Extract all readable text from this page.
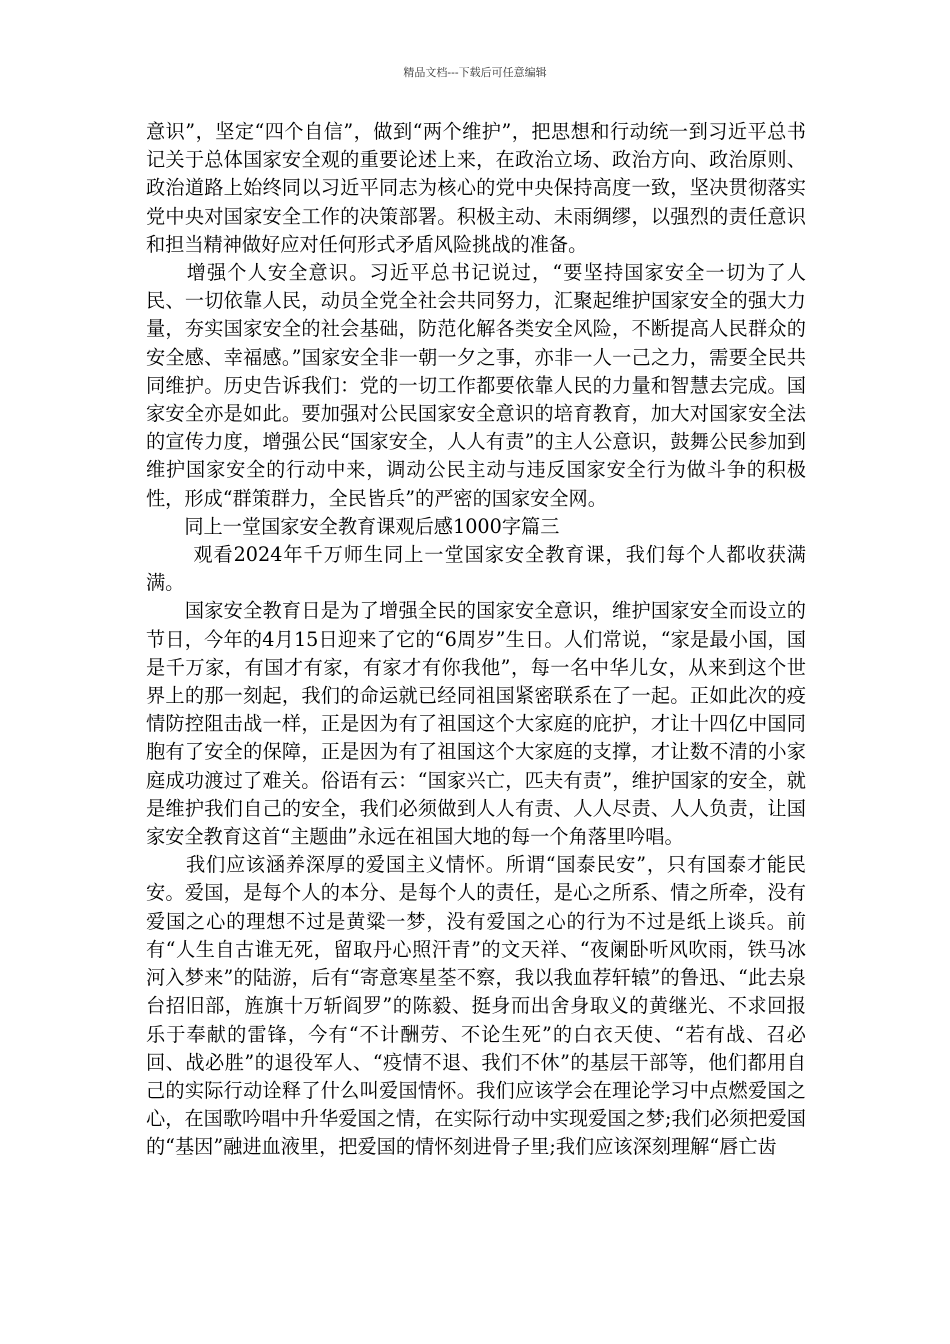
精品文档---下载后可任意编辑

意识”，坚定“四个自信”，做到“两个维护”，把思想和行动统一到习近平总书记关于总体国家安全观的重要论述上来，在政治立场、政治方向、政治原则、政治道路上始终同以习近平同志为核心的党中央保持高度一致，坚决贯彻落实党中央对国家安全工作的决策部署。积极主动、未雨绸缪，以强烈的责任意识和担当精神做好应对任何形式矛盾风险挑战的准备。

　　增强个人安全意识。习近平总书记说过，“要坚持国家安全一切为了人民、一切依靠人民，动员全党全社会共同努力，汇聚起维护国家安全的强大力量，夯实国家安全的社会基础，防范化解各类安全风险，不断提高人民群众的安全感、幸福感。”国家安全非一朝一夕之事，亦非一人一己之力，需要全民共同维护。历史告诉我们：党的一切工作都要依靠人民的力量和智慧去完成。国家安全亦是如此。要加强对公民国家安全意识的培育教育，加大对国家安全法的宣传力度，增强公民“国家安全，人人有责”的主人公意识，鼓舞公民参加到维护国家安全的行动中来，调动公民主动与违反国家安全行为做斗争的积极性，形成“群策群力，全民皆兵”的严密的国家安全网。

　　同上一堂国家安全教育课观后感1000字篇三

　　 观看2024年千万师生同上一堂国家安全教育课，我们每个人都收获满满。

　　国家安全教育日是为了增强全民的国家安全意识，维护国家安全而设立的节日，今年的4月15日迎来了它的“6周岁”生日。人们常说，“家是最小国，国是千万家，有国才有家，有家才有你我他”，每一名中华儿女，从来到这个世界上的那一刻起，我们的命运就已经同祖国紧密联系在了一起。正如此次的疫情防控阻击战一样，正是因为有了祖国这个大家庭的庇护，才让十四亿中国同胞有了安全的保障，正是因为有了祖国这个大家庭的支撑，才让数不清的小家庭成功渡过了难关。俗语有云：“国家兴亡，匹夫有责”，维护国家的安全，就是维护我们自己的安全，我们必须做到人人有责、人人尽责、人人负责，让国家安全教育这首“主题曲”永远在祖国大地的每一个角落里吟唱。

　　我们应该涵养深厚的爱国主义情怀。所谓“国泰民安”，只有国泰才能民安。爱国，是每个人的本分、是每个人的责任，是心之所系、情之所牵，没有爱国之心的理想不过是黄粱一梦，没有爱国之心的行为不过是纸上谈兵。前有“人生自古谁无死，留取丹心照汗青”的文天祥、“夜阑卧听风吹雨，铁马冰河入梦来”的陆游，后有“寄意寒星荃不察，我以我血荐轩辕”的鲁迅、“此去泉台招旧部，旌旗十万斩阎罗”的陈毅、挺身而出舍身取义的黄继光、不求回报乐于奉献的雷锋，今有“不计酬劳、不论生死”的白衣天使、“若有战、召必回、战必胜”的退役军人、“疫情不退、我们不休”的基层干部等，他们都用自己的实际行动诠释了什么叫爱国情怀。我们应该学会在理论学习中点燃爱国之心，在国歌吟唱中升华爱国之情，在实际行动中实现爱国之梦;我们必须把爱国的“基因”融进血液里，把爱国的情怀刻进骨子里;我们应该深刻理解“唇亡齿
